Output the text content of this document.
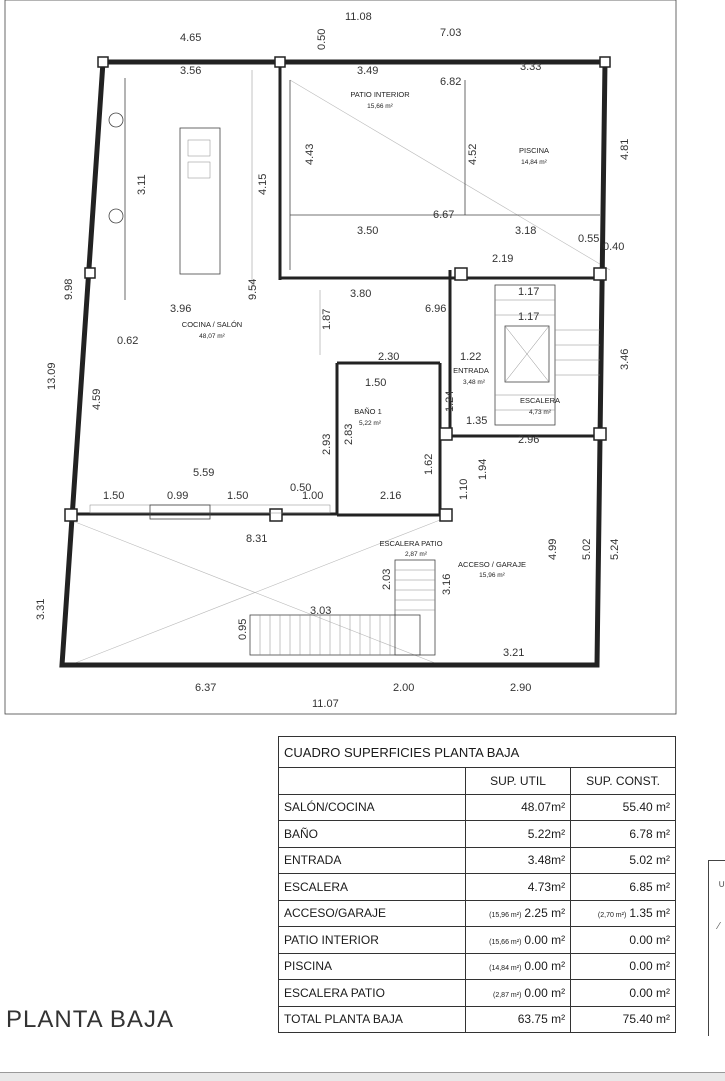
11.08
4.65	7.03
3.56	3.49	3.33
6.82
0.50
3.11	4.15
4.43	4.52	4.81
3.50
6.67
3.18
0.55
2.19
0.40
3.96
3.80
6.96
1.17
1.17
9.98
13.09
0.62
4.59
9.54
1.87
2.30	1.22
1.50
1.24
2.83
2.93
1.35
1.62
2.96
3.46
1.94
5.59
1.50	0.99	1.50
0.50
1.00	2.16	1.10
8.31
2.03
3.03
0.95
3.16
4.99 5.02 5.24
3.21
3.31
6.37	2.00	2.90
11.07
PATIO INTERIOR
15,66 m²
PISCINA
14,84 m²
COCINA / SALÓN
48,07 m²
ENTRADA
3,48 m²
BAÑO 1
5,22 m²
ESCALERA
4,73 m²
ESCALERA PATIO
2,87 m²
ACCESO / GARAJE
15,96 m²
CUADRO SUPERFICIES PLANTA BAJA		
	SUP. UTIL	SUP. CONST.
SALÓN/COCINA	48.07m²	55.40 m²
BAÑO	5.22m²	6.78 m²
ENTRADA	3.48m²	5.02 m²
ESCALERA	4.73m²	6.85 m²
ACCESO/GARAJE	(15,96 m²) 2.25 m²	(2,70 m²) 1.35 m²
PATIO INTERIOR	(15,66 m²) 0.00 m²	0.00 m²
PISCINA	(14,84 m²) 0.00 m²	0.00 m²
ESCALERA PATIO	(2,87 m²) 0.00 m²	0.00 m²
TOTAL PLANTA BAJA	63.75 m²	75.40 m²
PLANTA BAJA
∪
⁄
